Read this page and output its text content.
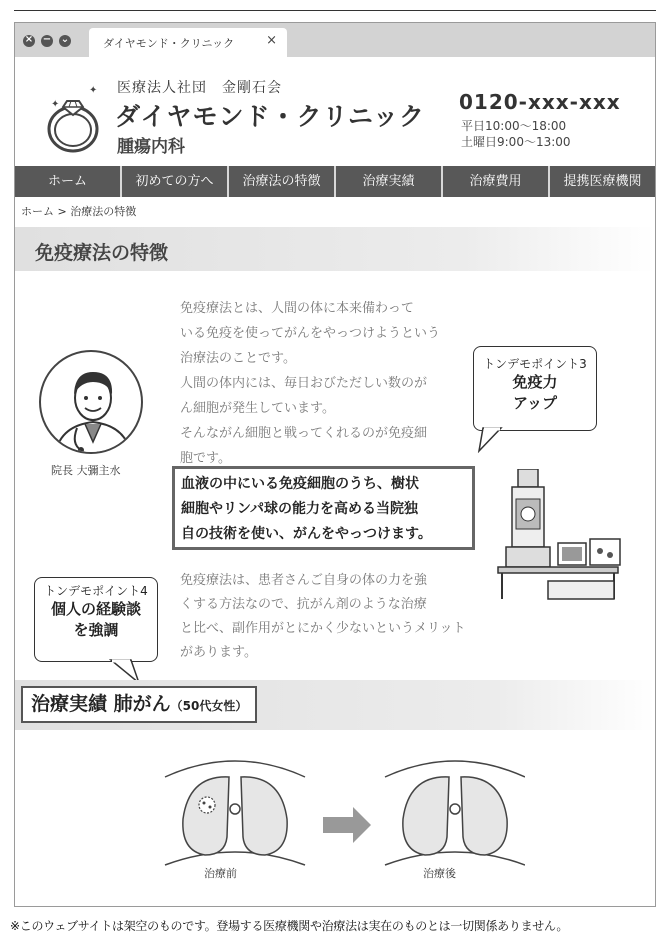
× − ⌄	ダイヤモンド・クリニック ×
✦
✦ 医療法人社団　金剛石会
ダイヤモンド・クリニック
腫瘍内科
0120-xxx-xxx
平日10:00〜18:00
土曜日9:00〜13:00
ホーム	初めての方へ	治療法の特徴	治療実績	治療費用	提携医療機関
ホーム > 治療法の特徴
免疫療法の特徴
院長 大彌主水

免疫療法とは、人間の体に本来備わって

いる免疫を使ってがんをやっつけようという

治療法のことです。

人間の体内には、毎日おびただしい数のが

ん細胞が発生しています。

そんながん細胞と戦ってくれるのが免疫細

胞です。

血液の中にいる免疫細胞のうち、樹状
細胞やリンパ球の能力を高める当院独
自の技術を使い、がんをやっつけます。
トンデモポイント3
免疫力
アップ
トンデモポイント4
個人の経験談
を強調

免疫療法は、患者さんご自身の体の力を強

くする方法なので、抗がん剤のような治療

と比べ、副作用がとにかく少ないというメリット

があります。

治療実績 肺がん（50代女性）
治療前	治療後
※このウェブサイトは架空のものです。登場する医療機関や治療法は実在のものとは一切関係ありません。
